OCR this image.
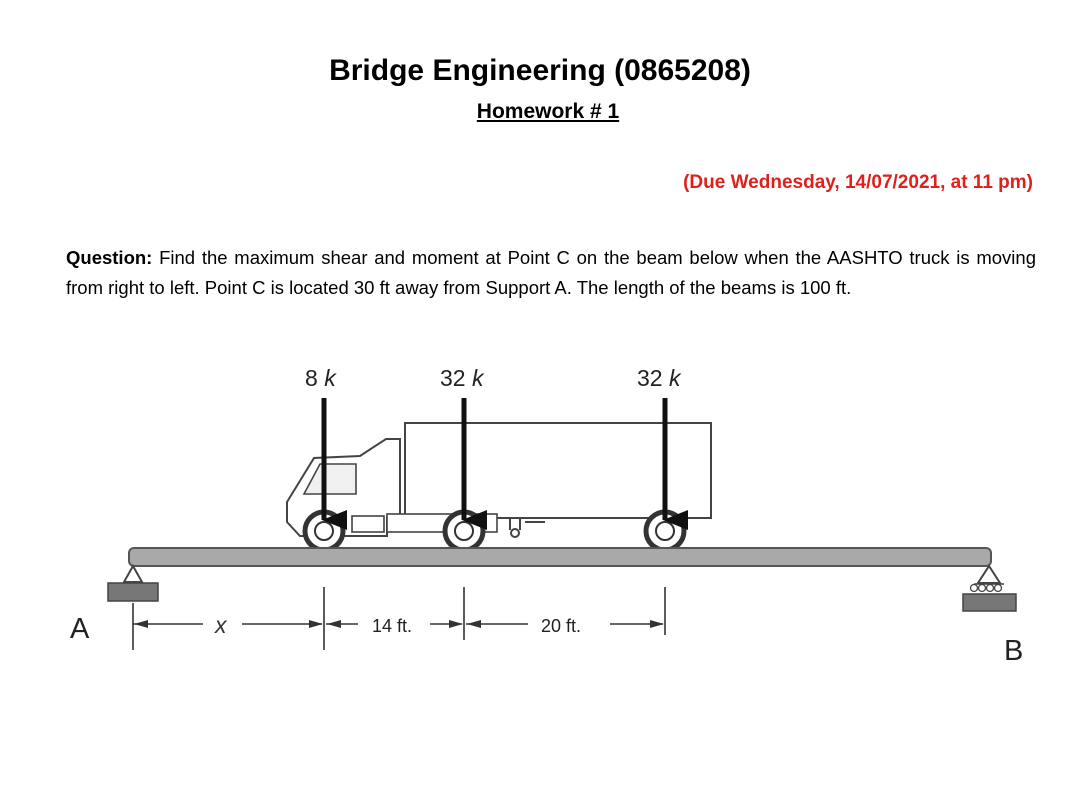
Bridge Engineering (0865208)
Homework # 1
(Due Wednesday, 14/07/2021, at 11 pm)

Question: Find the maximum shear and moment at Point C on the beam below when the AASHTO truck is moving from right to left. Point C is located 30 ft away from Support A. The length of the beams is 100 ft.

8 k	32 k	32 k
A
B
x	14 ft.	20 ft.
